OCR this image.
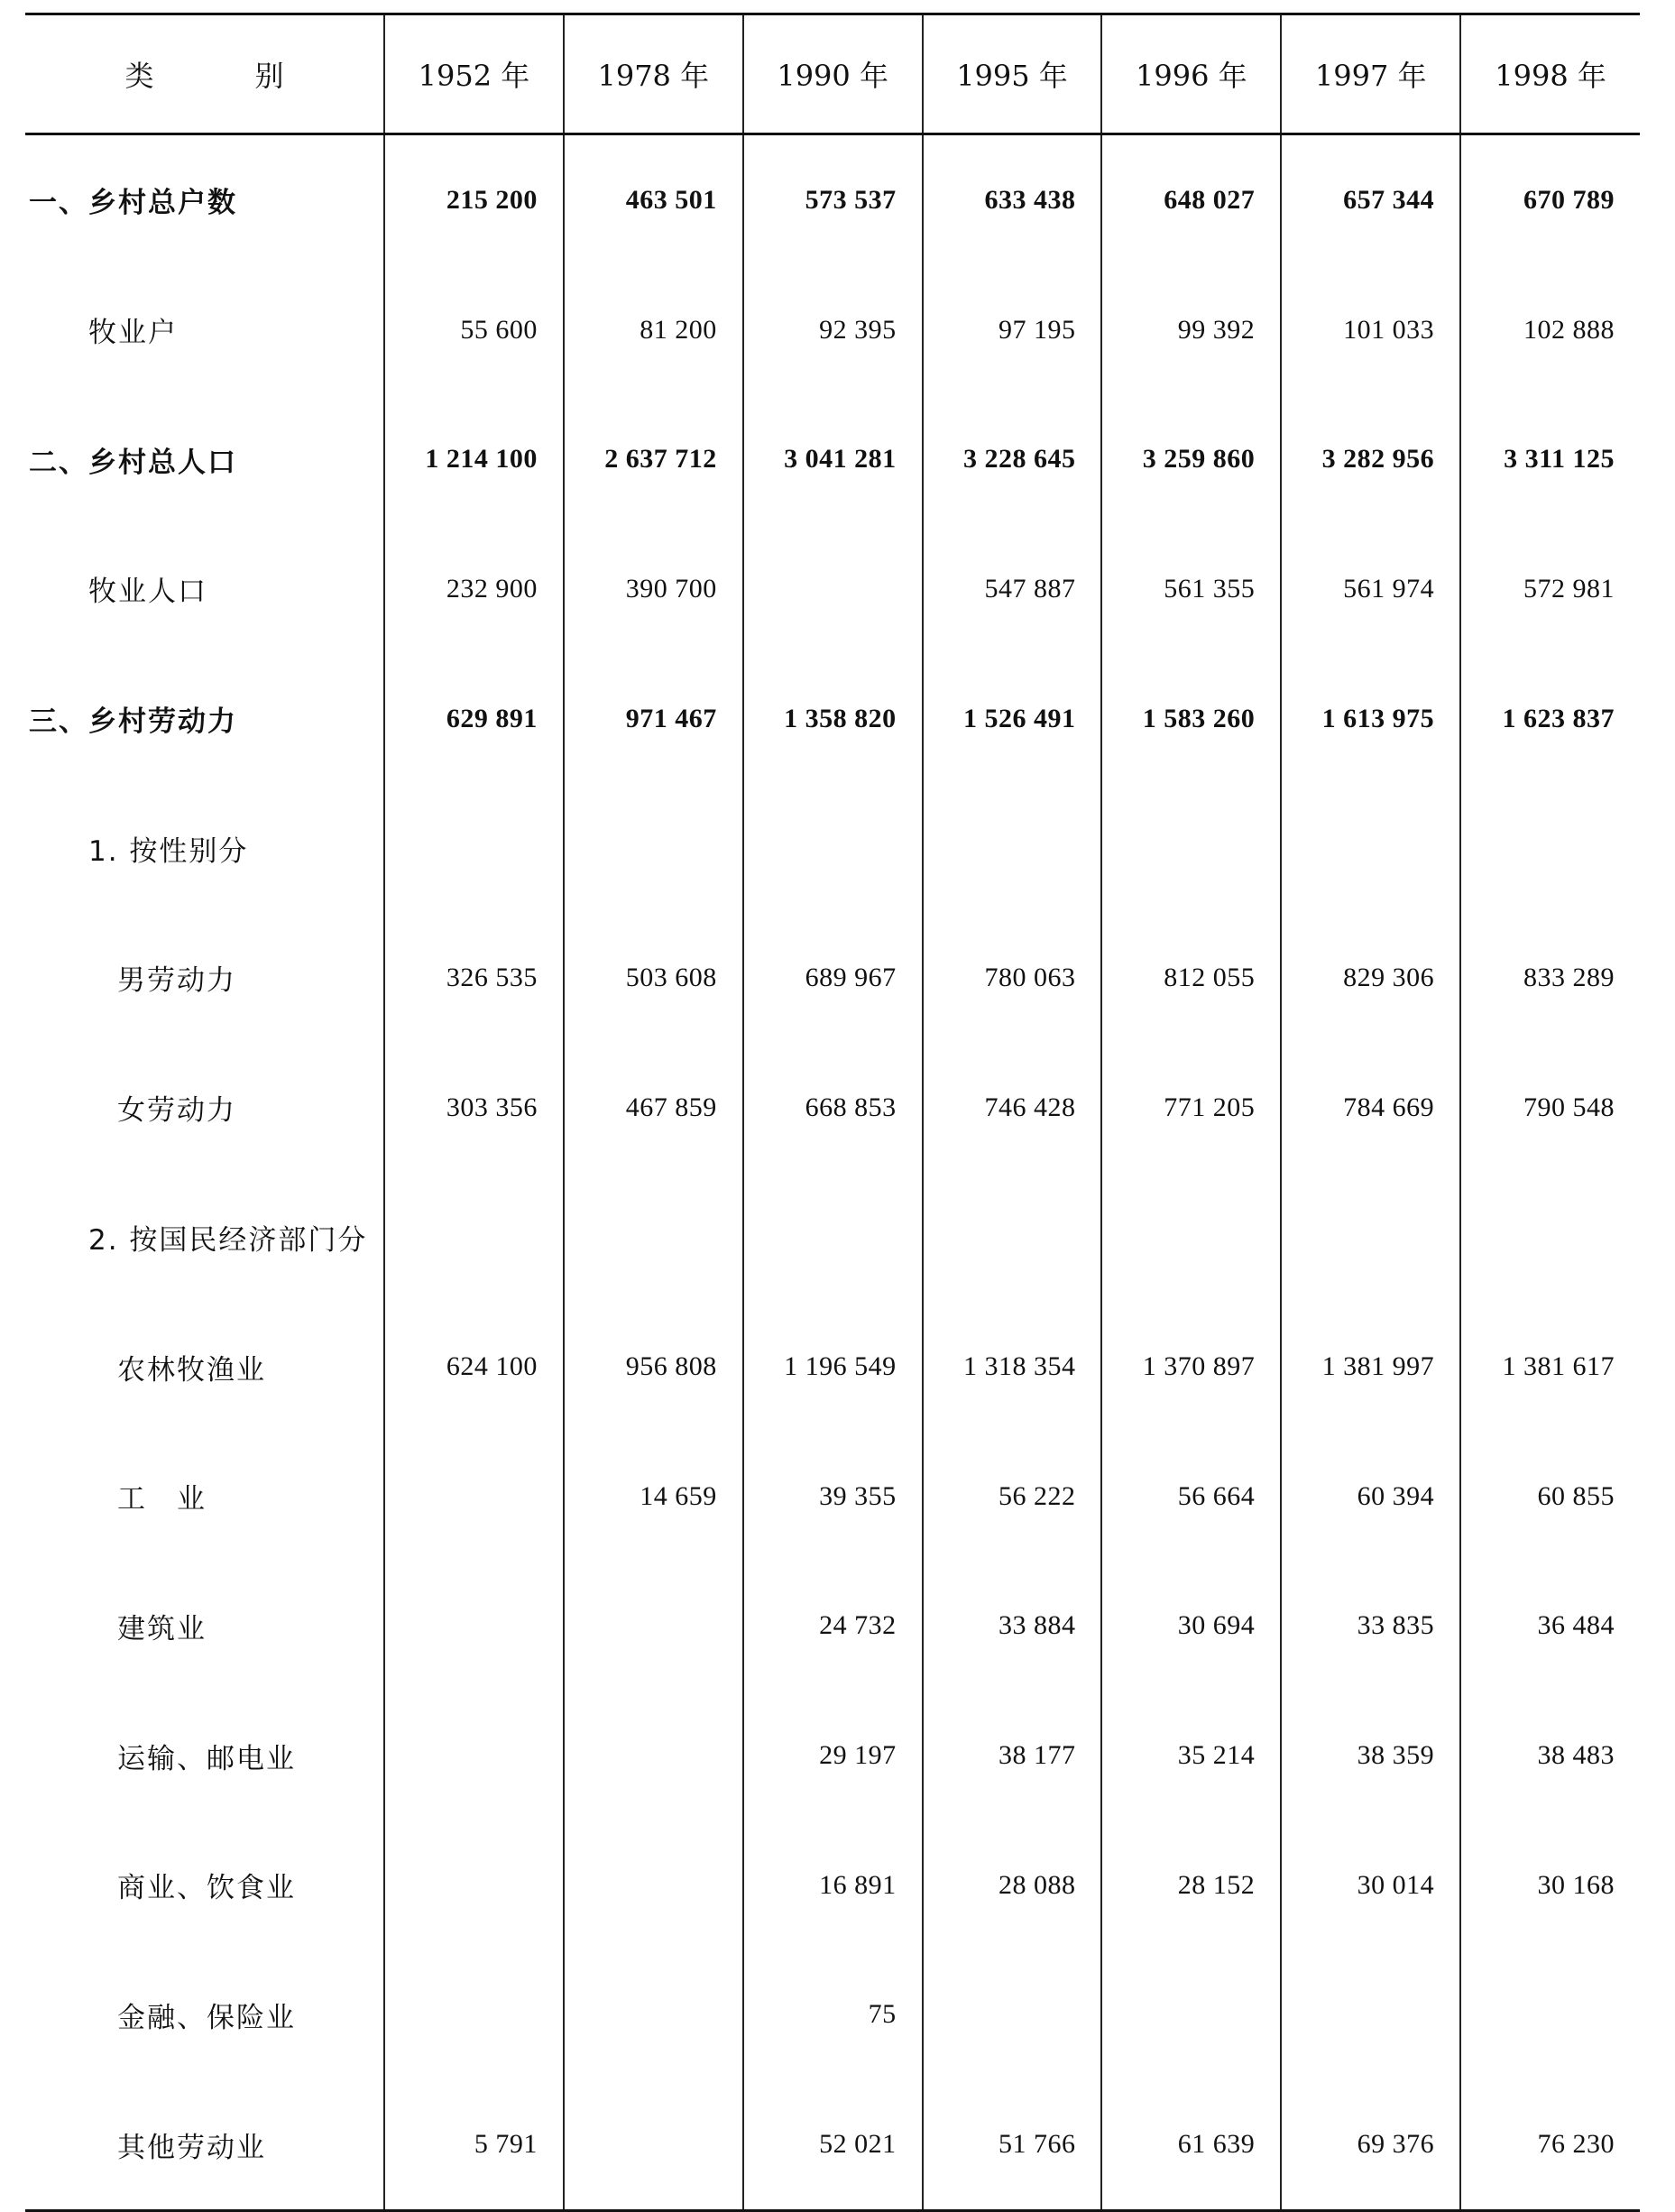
类　别	1952 年	1978 年	1990 年	1995 年	1996 年	1997 年	1998 年
一、乡村总户数	215 200	463 501	573 537	633 438	648 027	657 344	670 789
牧业户	55 600	81 200	92 395	97 195	99 392	101 033	102 888
二、乡村总人口	1 214 100	2 637 712	3 041 281	3 228 645	3 259 860	3 282 956	3 311 125
牧业人口	232 900	390 700		547 887	561 355	561 974	572 981
三、乡村劳动力	629 891	971 467	1 358 820	1 526 491	1 583 260	1 613 975	1 623 837
1. 按性别分							
男劳动力	326 535	503 608	689 967	780 063	812 055	829 306	833 289
女劳动力	303 356	467 859	668 853	746 428	771 205	784 669	790 548
2. 按国民经济部门分							
农林牧渔业	624 100	956 808	1 196 549	1 318 354	1 370 897	1 381 997	1 381 617
工　业		14 659	39 355	56 222	56 664	60 394	60 855
建筑业			24 732	33 884	30 694	33 835	36 484
运输、邮电业			29 197	38 177	35 214	38 359	38 483
商业、饮食业			16 891	28 088	28 152	30 014	30 168
金融、保险业			75				
其他劳动业	5 791		52 021	51 766	61 639	69 376	76 230
